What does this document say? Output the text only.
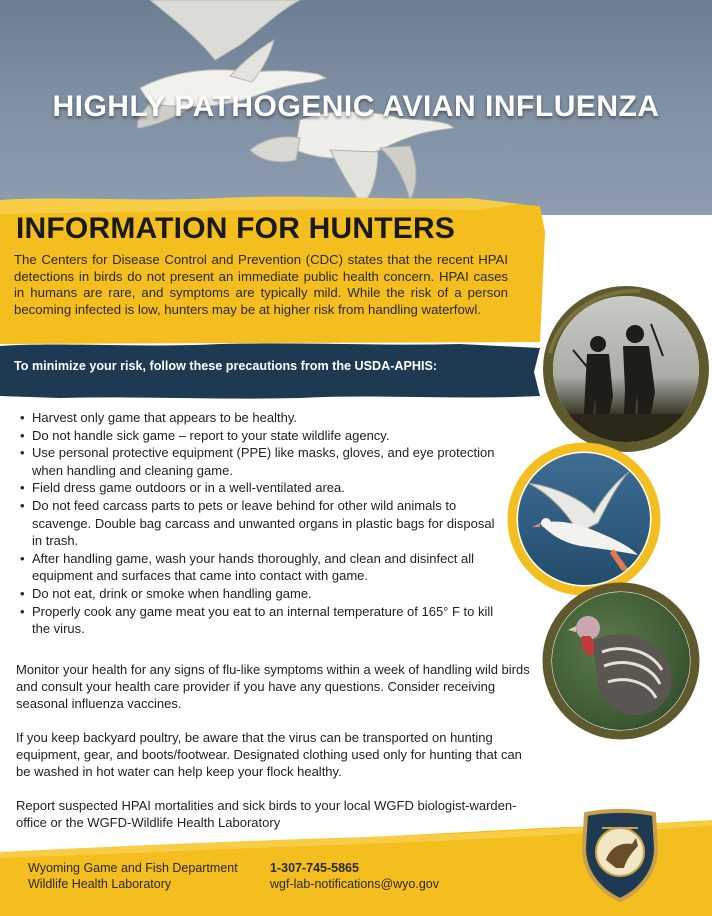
HIGHLY PATHOGENIC AVIAN INFLUENZA
INFORMATION FOR HUNTERS
The Centers for Disease Control and Prevention (CDC) states that the recent HPAI detections in birds do not present an immediate public health concern. HPAI cases in humans are rare, and symptoms are typically mild. While the risk of a person becoming infected is low, hunters may be at higher risk from handling waterfowl.
To minimize your risk, follow these precautions from the USDA-APHIS:
• Harvest only game that appears to be healthy.
• Do not handle sick game – report to your state wildlife agency.
• Use personal protective equipment (PPE) like masks, gloves, and eye protection when handling and cleaning game.
• Field dress game outdoors or in a well-ventilated area.
• Do not feed carcass parts to pets or leave behind for other wild animals to scavenge. Double bag carcass and unwanted organs in plastic bags for disposal in trash.
• After handling game, wash your hands thoroughly, and clean and disinfect all equipment and surfaces that came into contact with game.
• Do not eat, drink or smoke when handling game.
• Properly cook any game meat you eat to an internal temperature of 165° F to kill the virus.
Monitor your health for any signs of flu-like symptoms within a week of handling wild birds and consult your health care provider if you have any questions. Consider receiving seasonal influenza vaccines.
If you keep backyard poultry, be aware that the virus can be transported on hunting equipment, gear, and boots/footwear. Designated clothing used only for hunting that can be washed in hot water can help keep your flock healthy.
Report suspected HPAI mortalities and sick birds to your local WGFD biologist-warden-office or the WGFD-Wildlife Health Laboratory
Wyoming Game and Fish Department
Wildlife Health Laboratory
1-307-745-5865
wgf-lab-notifications@wyo.gov
